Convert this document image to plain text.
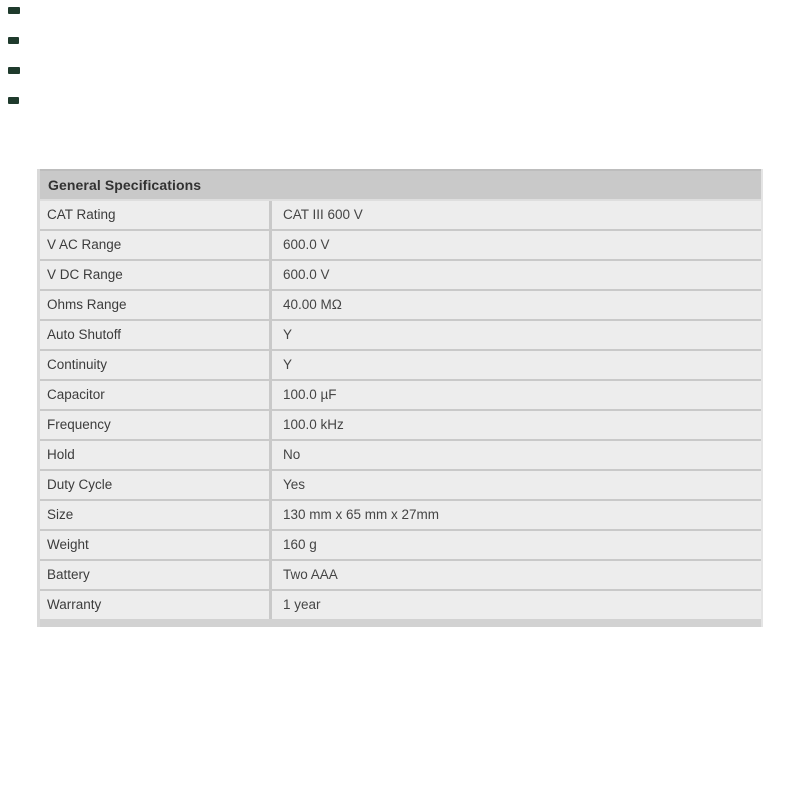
General Specifications
CAT Rating	CAT III 600 V
V AC Range	600.0 V
V DC Range	600.0 V
Ohms Range	40.00 MΩ
Auto Shutoff	Y
Continuity	Y
Capacitor	100.0 µF
Frequency	100.0 kHz
Hold	No
Duty Cycle	Yes
Size	130 mm x 65 mm x 27mm
Weight	160 g
Battery	Two AAA
Warranty	1 year
